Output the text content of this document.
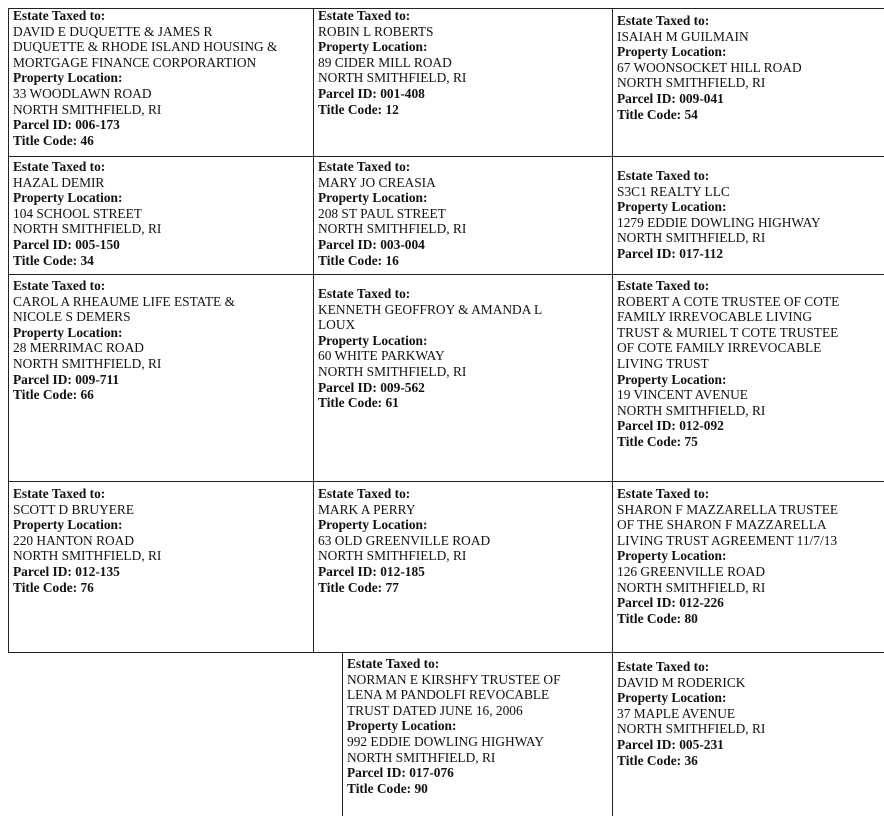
Estate Taxed to:
DAVID E DUQUETTE & JAMES R
DUQUETTE & RHODE ISLAND HOUSING &
MORTGAGE FINANCE CORPORARTION
Property Location:
33 WOODLAWN ROAD
NORTH SMITHFIELD, RI
Parcel ID: 006-173
Title Code: 46
Estate Taxed to:
ROBIN L ROBERTS
Property Location:
89 CIDER MILL ROAD
NORTH SMITHFIELD, RI
Parcel ID: 001-408
Title Code: 12
Estate Taxed to:
ISAIAH M GUILMAIN
Property Location:
67 WOONSOCKET HILL ROAD
NORTH SMITHFIELD, RI
Parcel ID: 009-041
Title Code: 54
Estate Taxed to:
HAZAL DEMIR
Property Location:
104 SCHOOL STREET
NORTH SMITHFIELD, RI
Parcel ID: 005-150
Title Code: 34
Estate Taxed to:
MARY JO CREASIA
Property Location:
208 ST PAUL STREET
NORTH SMITHFIELD, RI
Parcel ID: 003-004
Title Code: 16
Estate Taxed to:
S3C1 REALTY LLC
Property Location:
1279 EDDIE DOWLING HIGHWAY
NORTH SMITHFIELD, RI
Parcel ID: 017-112
Estate Taxed to:
CAROL A RHEAUME LIFE ESTATE &
NICOLE S DEMERS
Property Location:
28 MERRIMAC ROAD
NORTH SMITHFIELD, RI
Parcel ID: 009-711
Title Code: 66
Estate Taxed to:
KENNETH GEOFFROY & AMANDA L
LOUX
Property Location:
60 WHITE PARKWAY
NORTH SMITHFIELD, RI
Parcel ID: 009-562
Title Code: 61
Estate Taxed to:
ROBERT A COTE TRUSTEE OF COTE
FAMILY IRREVOCABLE LIVING
TRUST & MURIEL T COTE TRUSTEE
OF COTE FAMILY IRREVOCABLE
LIVING TRUST
Property Location:
19 VINCENT AVENUE
NORTH SMITHFIELD, RI
Parcel ID: 012-092
Title Code: 75
Estate Taxed to:
SCOTT D BRUYERE
Property Location:
220 HANTON ROAD
NORTH SMITHFIELD, RI
Parcel ID: 012-135
Title Code: 76
Estate Taxed to:
MARK A PERRY
Property Location:
63 OLD GREENVILLE ROAD
NORTH SMITHFIELD, RI
Parcel ID: 012-185
Title Code: 77
Estate Taxed to:
SHARON F MAZZARELLA TRUSTEE
OF THE SHARON F MAZZARELLA
LIVING TRUST AGREEMENT 11/7/13
Property Location:
126 GREENVILLE ROAD
NORTH SMITHFIELD, RI
Parcel ID: 012-226
Title Code: 80
Estate Taxed to:
NORMAN E KIRSHFY TRUSTEE OF
LENA M PANDOLFI REVOCABLE
TRUST DATED JUNE 16, 2006
Property Location:
992 EDDIE DOWLING HIGHWAY
NORTH SMITHFIELD, RI
Parcel ID: 017-076
Title Code: 90
Estate Taxed to:
DAVID M RODERICK
Property Location:
37 MAPLE AVENUE
NORTH SMITHFIELD, RI
Parcel ID: 005-231
Title Code: 36
